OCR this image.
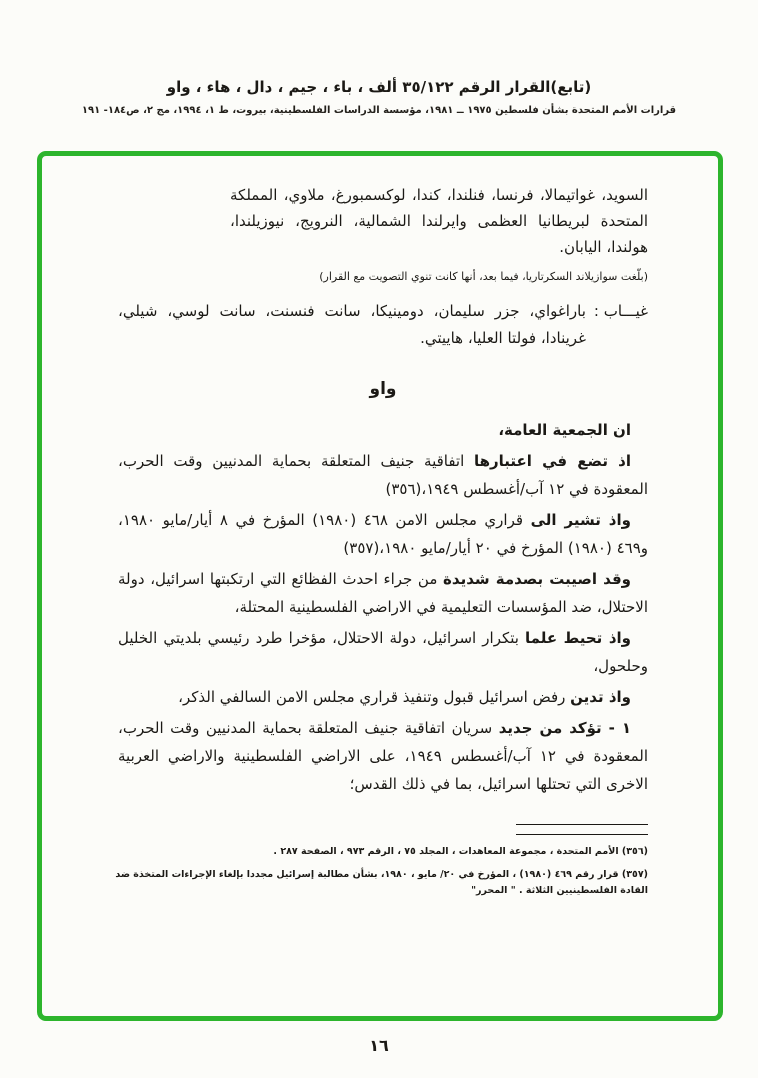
(تابع)القرار الرقم ٣٥/١٢٢ ألف ، باء ، جيم ، دال ، هاء ، واو
قرارات الأمم المتحدة بشأن فلسطين ١٩٧٥ ــ ١٩٨١، مؤسسة الدراسات الفلسطينية، بيروت، ط ١، ١٩٩٤، مج ٢، ص١٨٤- ١٩١

السويد، غواتيمالا، فرنسا، فنلندا، كندا، لوكسمبورغ، ملاوي، المملكة المتحدة لبريطانيا العظمى وايرلندا الشمالية، النرويج، نيوزيلندا، هولندا، اليابان.

(بلّغت سوازيلاند السكرتاريا، فيما بعد، أنها كانت تنوي التصويت مع القرار)

غيـــاب :
باراغواي، جزر سليمان، دومينيكا، سانت فنسنت، سانت لوسي، شيلي، غرينادا، فولتا العليا، هاييتي.

واو

ان الجمعية العامة،

اذ تضع في اعتبارها اتفاقية جنيف المتعلقة بحماية المدنيين وقت الحرب، المعقودة في ١٢ آب/أغسطس ١٩٤٩،(٣٥٦)

واذ تشير الى قراري مجلس الامن ٤٦٨ (١٩٨٠) المؤرخ في ٨ أيار/مايو ١٩٨٠، و٤٦٩ (١٩٨٠) المؤرخ في ٢٠ أيار/مايو ١٩٨٠،(٣٥٧)

وقد اصيبت بصدمة شديدة من جراء احدث الفظائع التي ارتكبتها اسرائيل، دولة الاحتلال، ضد المؤسسات التعليمية في الاراضي الفلسطينية المحتلة،

واذ تحيط علما بتكرار اسرائيل، دولة الاحتلال، مؤخرا طرد رئيسي بلديتي الخليل وحلحول،

واذ تدين رفض اسرائيل قبول وتنفيذ قراري مجلس الامن السالفي الذكر،

١ - تؤكد من جديد سريان اتفاقية جنيف المتعلقة بحماية المدنيين وقت الحرب، المعقودة في ١٢ آب/أغسطس ١٩٤٩، على الاراضي الفلسطينية والاراضي العربية الاخرى التي تحتلها اسرائيل، بما في ذلك القدس؛

(٣٥٦) الأمم المتحدة ، مجموعة المعاهدات ، المجلد ٧٥ ، الرقم ٩٧٣ ، الصفحة ٢٨٧ .

(٣٥٧) قرار رقم ٤٦٩ (١٩٨٠) ، المؤرخ في ٢٠/ مايو ، ١٩٨٠، بشأن مطالبة إسرائيل مجددا بإلغاء الإجراءات المتخذة ضد القادة الفلسطينيين الثلاثة . " المحرر"

١٦
